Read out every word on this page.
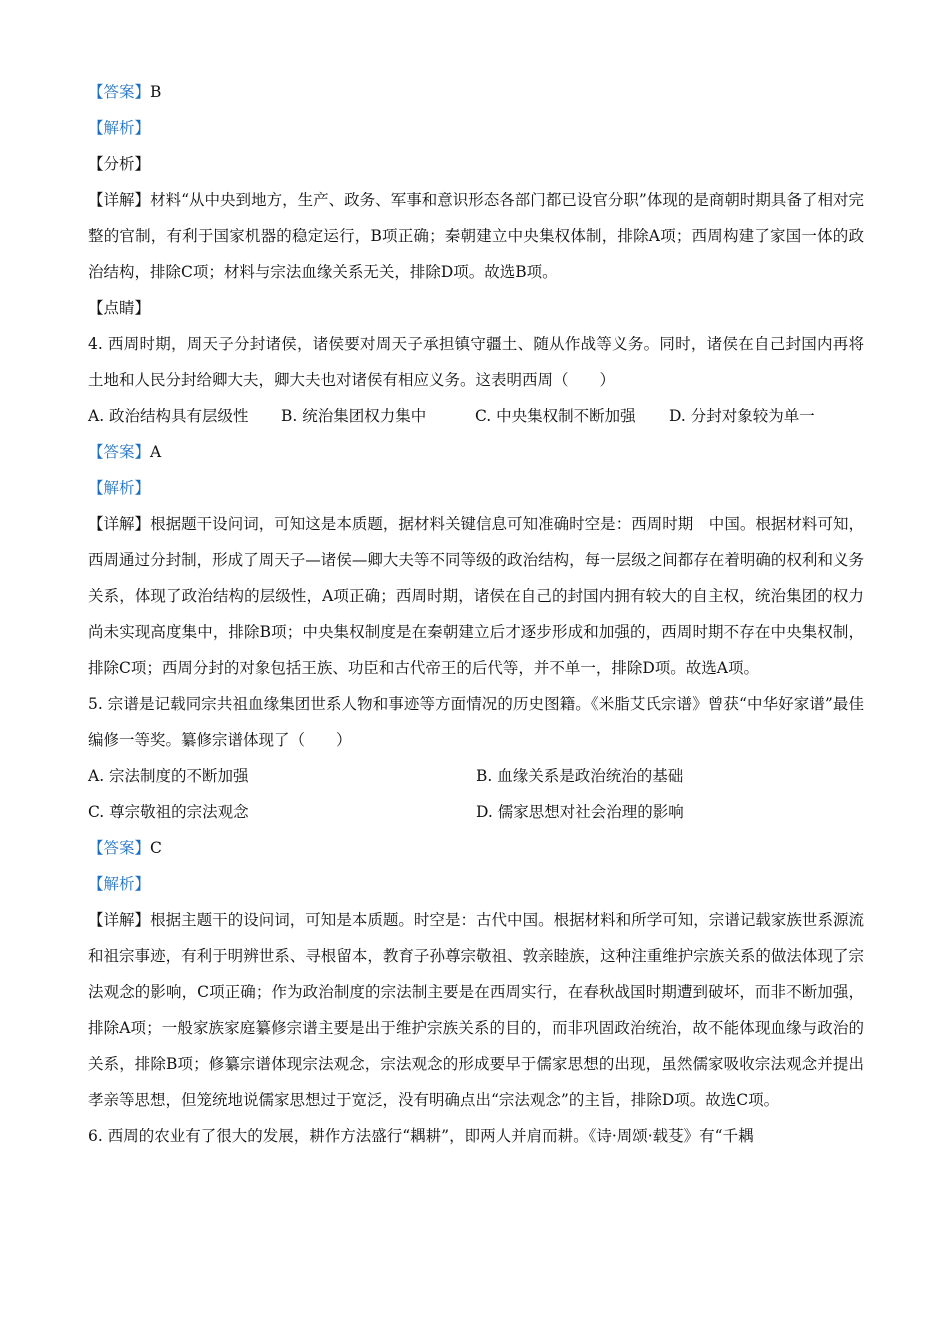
【答案】B
【解析】
【分析】
【详解】材料“从中央到地方，生产、政务、军事和意识形态各部门都已设官分职”体现的是商朝时期具备了相对完整的官制，有利于国家机器的稳定运行，B项正确；秦朝建立中央集权体制，排除A项；西周构建了家国一体的政治结构，排除C项；材料与宗法血缘关系无关，排除D项。故选B项。
【点睛】
4. 西周时期，周天子分封诸侯，诸侯要对周天子承担镇守疆土、随从作战等义务。同时，诸侯在自己封国内再将土地和人民分封给卿大夫，卿大夫也对诸侯有相应义务。这表明西周（　　）
A. 政治结构具有层级性	B. 统治集团权力集中	C. 中央集权制不断加强	D. 分封对象较为单一
【答案】A
【解析】
【详解】根据题干设问词，可知这是本质题，据材料关键信息可知准确时空是：西周时期　中国。根据材料可知，西周通过分封制，形成了周天子—诸侯—卿大夫等不同等级的政治结构，每一层级之间都存在着明确的权利和义务关系，体现了政治结构的层级性，A项正确；西周时期，诸侯在自己的封国内拥有较大的自主权，统治集团的权力尚未实现高度集中，排除B项；中央集权制度是在秦朝建立后才逐步形成和加强的，西周时期不存在中央集权制，排除C项；西周分封的对象包括王族、功臣和古代帝王的后代等，并不单一，排除D项。故选A项。
5. 宗谱是记载同宗共祖血缘集团世系人物和事迹等方面情况的历史图籍。《米脂艾氏宗谱》曾获“中华好家谱”最佳编修一等奖。纂修宗谱体现了（　　）
A. 宗法制度的不断加强	B. 血缘关系是政治统治的基础
C. 尊宗敬祖的宗法观念	D. 儒家思想对社会治理的影响
【答案】C
【解析】
【详解】根据主题干的设问词，可知是本质题。时空是：古代中国。根据材料和所学可知，宗谱记载家族世系源流和祖宗事迹，有利于明辨世系、寻根留本，教育子孙尊宗敬祖、敦亲睦族，这种注重维护宗族关系的做法体现了宗法观念的影响，C项正确；作为政治制度的宗法制主要是在西周实行，在春秋战国时期遭到破坏，而非不断加强，排除A项；一般家族家庭纂修宗谱主要是出于维护宗族关系的目的，而非巩固政治统治，故不能体现血缘与政治的关系，排除B项；修纂宗谱体现宗法观念，宗法观念的形成要早于儒家思想的出现，虽然儒家吸收宗法观念并提出孝亲等思想，但笼统地说儒家思想过于宽泛，没有明确点出“宗法观念”的主旨，排除D项。故选C项。
6. 西周的农业有了很大的发展，耕作方法盛行“耦耕”，即两人并肩而耕。《诗·周颂·载芟》有“千耦
